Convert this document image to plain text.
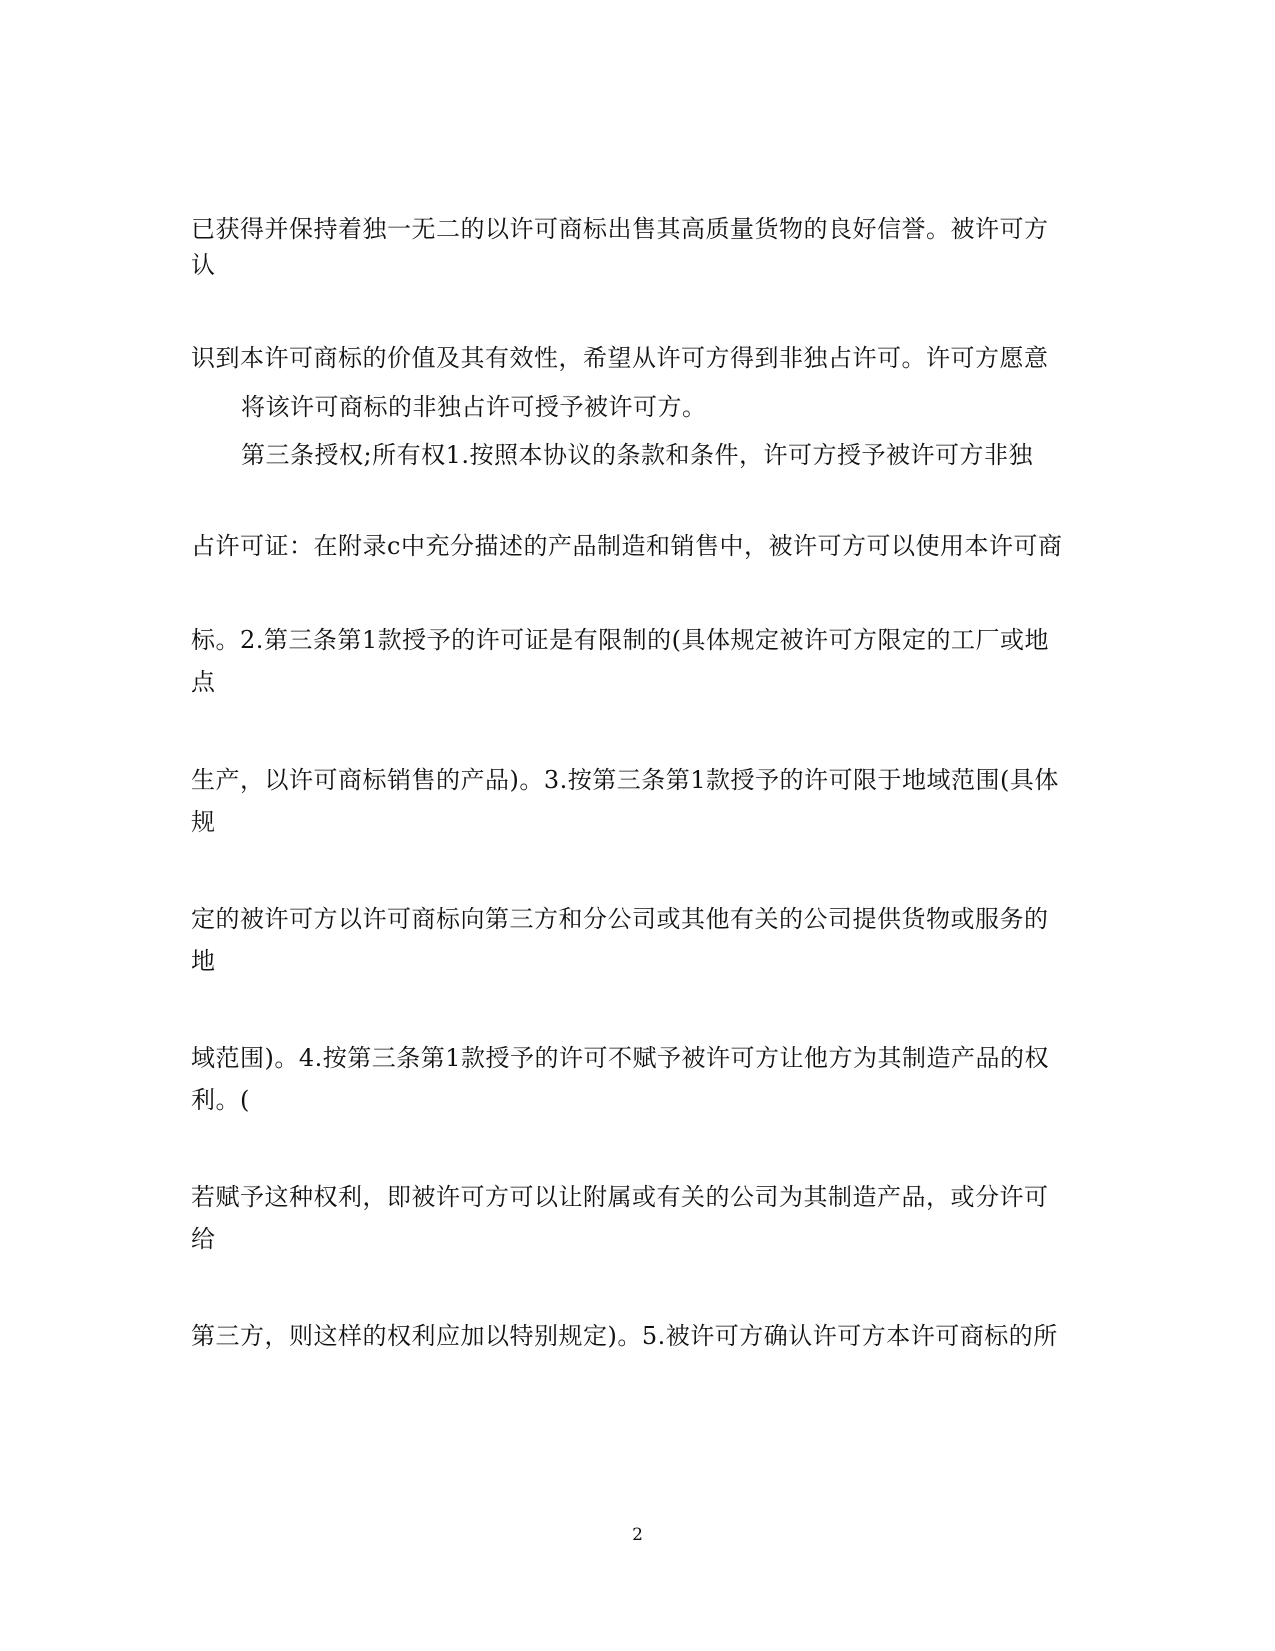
已获得并保持着独一无二的以许可商标出售其高质量货物的良好信誉。被许可方
认
识到本许可商标的价值及其有效性，希望从许可方得到非独占许可。许可方愿意
将该许可商标的非独占许可授予被许可方。
第三条授权;所有权1.按照本协议的条款和条件，许可方授予被许可方非独
占许可证：在附录c中充分描述的产品制造和销售中，被许可方可以使用本许可商
标。2.第三条第1款授予的许可证是有限制的(具体规定被许可方限定的工厂或地
点
生产，以许可商标销售的产品)。3.按第三条第1款授予的许可限于地域范围(具体
规
定的被许可方以许可商标向第三方和分公司或其他有关的公司提供货物或服务的
地
域范围)。4.按第三条第1款授予的许可不赋予被许可方让他方为其制造产品的权
利。(
若赋予这种权利，即被许可方可以让附属或有关的公司为其制造产品，或分许可
给
第三方，则这样的权利应加以特别规定)。5.被许可方确认许可方本许可商标的所
2
